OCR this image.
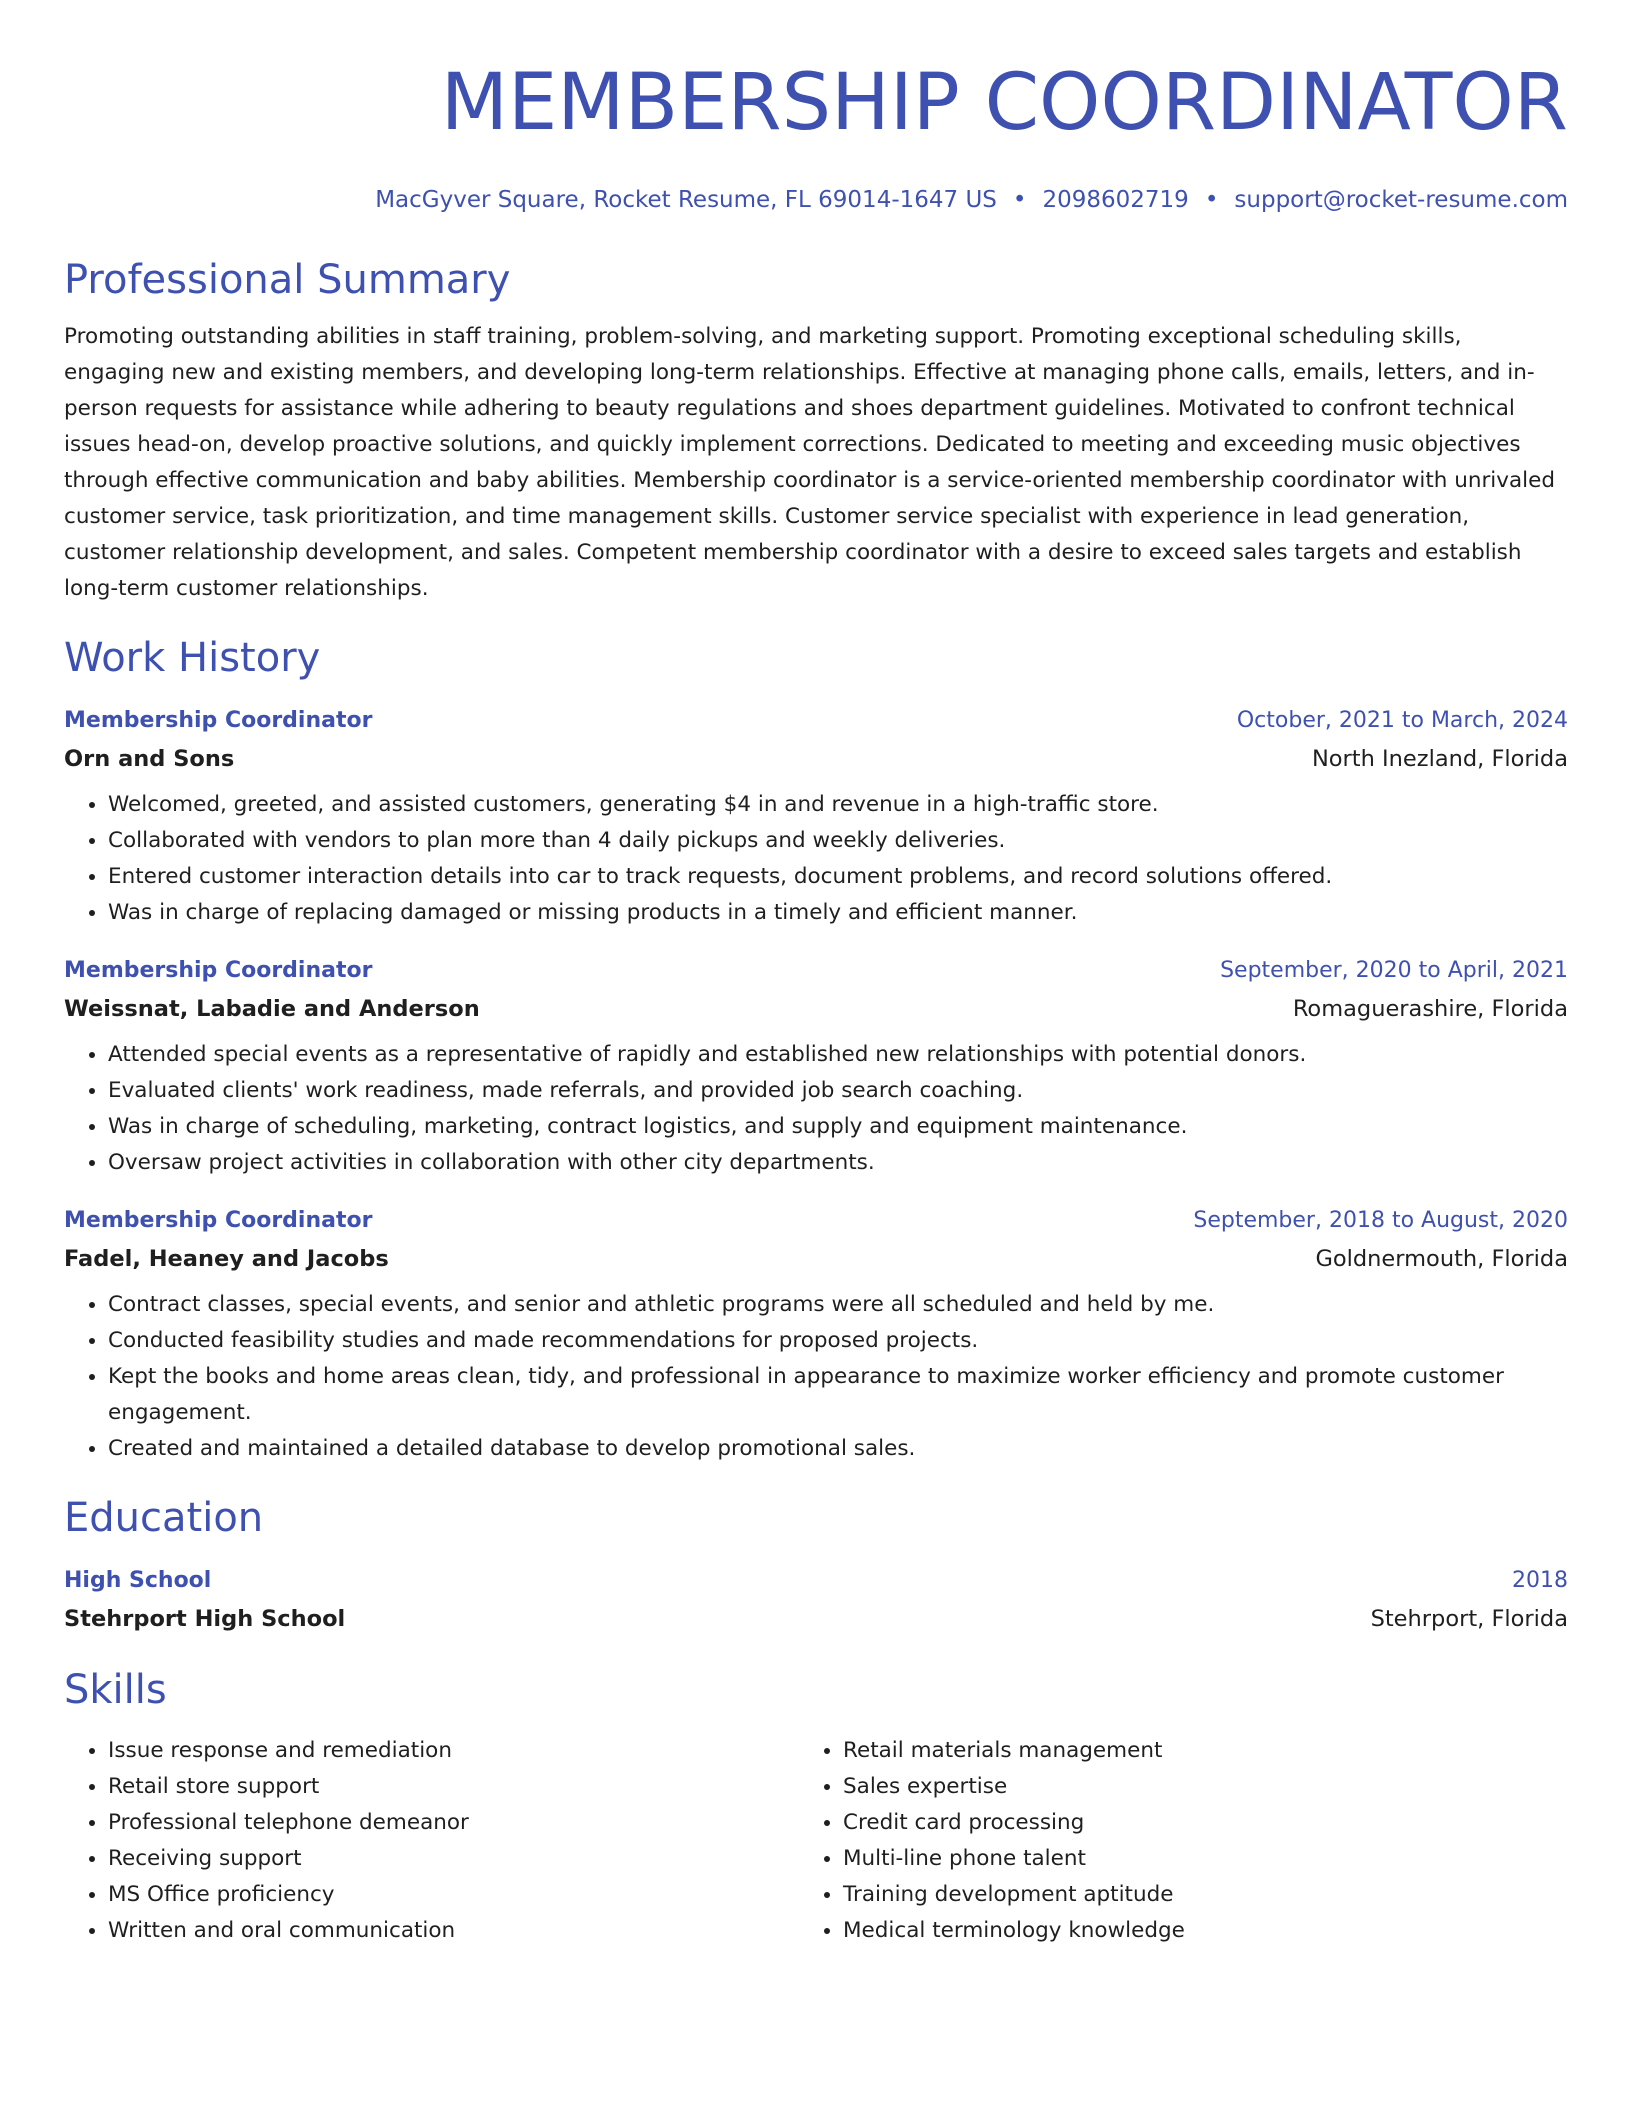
MEMBERSHIP COORDINATOR
MacGyver Square, Rocket Resume, FL 69014-1647 US • 2098602719 • support@rocket-resume.com
Professional Summary
Promoting outstanding abilities in staff training, problem-solving, and marketing support. Promoting exceptional scheduling skills, engaging new and existing members, and developing long-term relationships. Effective at managing phone calls, emails, letters, and in-person requests for assistance while adhering to beauty regulations and shoes department guidelines. Motivated to confront technical issues head-on, develop proactive solutions, and quickly implement corrections. Dedicated to meeting and exceeding music objectives through effective communication and baby abilities. Membership coordinator is a service-oriented membership coordinator with unrivaled customer service, task prioritization, and time management skills. Customer service specialist with experience in lead generation, customer relationship development, and sales. Competent membership coordinator with a desire to exceed sales targets and establish long-term customer relationships.
Work History
Membership Coordinator	October, 2021 to March, 2024
Orn and Sons	North Inezland, Florida
• Welcomed, greeted, and assisted customers, generating $4 in and revenue in a high-traffic store.
• Collaborated with vendors to plan more than 4 daily pickups and weekly deliveries.
• Entered customer interaction details into car to track requests, document problems, and record solutions offered.
• Was in charge of replacing damaged or missing products in a timely and efficient manner.
Membership Coordinator	September, 2020 to April, 2021
Weissnat, Labadie and Anderson	Romaguerashire, Florida
• Attended special events as a representative of rapidly and established new relationships with potential donors.
• Evaluated clients' work readiness, made referrals, and provided job search coaching.
• Was in charge of scheduling, marketing, contract logistics, and supply and equipment maintenance.
• Oversaw project activities in collaboration with other city departments.
Membership Coordinator	September, 2018 to August, 2020
Fadel, Heaney and Jacobs	Goldnermouth, Florida
• Contract classes, special events, and senior and athletic programs were all scheduled and held by me.
• Conducted feasibility studies and made recommendations for proposed projects.
• Kept the books and home areas clean, tidy, and professional in appearance to maximize worker efficiency and promote customer engagement.
• Created and maintained a detailed database to develop promotional sales.
Education
High School	2018
Stehrport High School	Stehrport, Florida
Skills
• Issue response and remediation
• Retail store support
• Professional telephone demeanor
• Receiving support
• MS Office proficiency
• Written and oral communication
• Retail materials management
• Sales expertise
• Credit card processing
• Multi-line phone talent
• Training development aptitude
• Medical terminology knowledge
